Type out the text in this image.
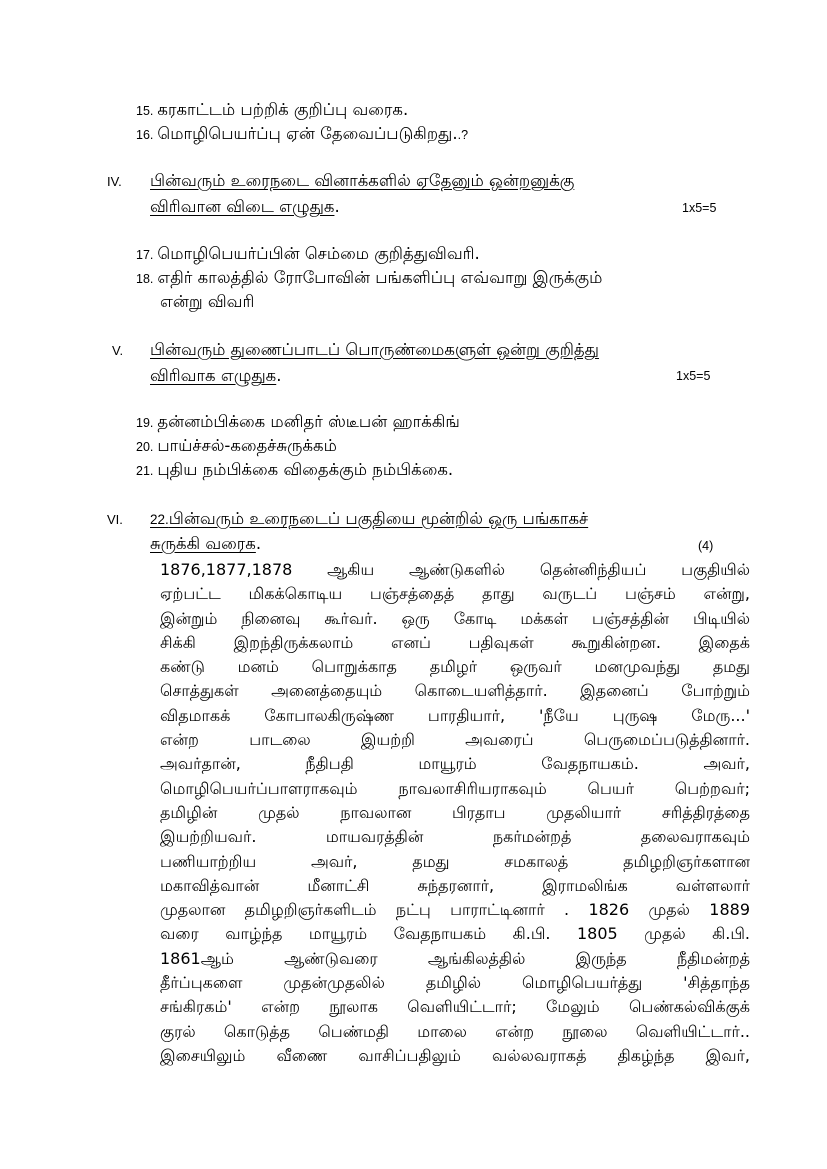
15. கரகாட்டம் பற்றிக் குறிப்பு வரைக.
16. மொழிபெயர்ப்பு ஏன் தேவைப்படுகிறது..?
IV. பின்வரும் உரைநடை வினாக்களில் ஏதேனும் ஒன்றனுக்கு
விரிவான விடை எழுதுக.	1x5=5
17. மொழிபெயர்ப்பின் செம்மை குறித்துவிவரி.
18. எதிர் காலத்தில் ரோபோவின் பங்களிப்பு எவ்வாறு இருக்கும்
என்று விவரி
V. பின்வரும் துணைப்பாடப் பொருண்மைகளுள் ஒன்று குறித்து
விரிவாக எழுதுக.	1x5=5
19. தன்னம்பிக்கை மனிதர் ஸ்டீபன் ஹாக்கிங்
20. பாய்ச்சல்-கதைச்சுருக்கம்
21. புதிய நம்பிக்கை விதைக்கும் நம்பிக்கை.
VI. 22.பின்வரும் உரைநடைப் பகுதியை மூன்றில் ஒரு பங்காகச்
சுருக்கி வரைக.	(4)
1876,1877,1878 ஆகிய ஆண்டுகளில் தென்னிந்தியப் பகுதியில்
ஏற்பட்ட மிகக்கொடிய பஞ்சத்தைத் தாது வருடப் பஞ்சம் என்று,
இன்றும் நினைவு கூர்வர். ஒரு கோடி மக்கள் பஞ்சத்தின் பிடியில்
சிக்கி இறந்திருக்கலாம் எனப் பதிவுகள் கூறுகின்றன. இதைக்
கண்டு மனம் பொறுக்காத தமிழர் ஒருவர் மனமுவந்து தமது
சொத்துகள் அனைத்தையும் கொடையளித்தார். இதனைப் போற்றும்
விதமாகக் கோபாலகிருஷ்ண பாரதியார், 'நீயே புருஷ மேரு...'
என்ற பாடலை இயற்றி அவரைப் பெருமைப்படுத்தினார்.
அவர்தான், நீதிபதி மாயூரம் வேதநாயகம். அவர்,
மொழிபெயர்ப்பாளராகவும் நாவலாசிரியராகவும் பெயர் பெற்றவர்;
தமிழின் முதல் நாவலான பிரதாப முதலியார் சரித்திரத்தை
இயற்றியவர். மாயவரத்தின் நகர்மன்றத் தலைவராகவும்
பணியாற்றிய அவர், தமது சமகாலத் தமிழறிஞர்களான
மகாவித்வான் மீனாட்சி சுந்தரனார், இராமலிங்க வள்ளலார்
முதலான தமிழறிஞர்களிடம் நட்பு பாராட்டினார் . 1826 முதல் 1889
வரை வாழ்ந்த மாயூரம் வேதநாயகம் கி.பி. 1805 முதல் கி.பி.
1861ஆம் ஆண்டுவரை ஆங்கிலத்தில் இருந்த நீதிமன்றத்
தீர்ப்புகளை முதன்முதலில் தமிழில் மொழிபெயர்த்து 'சித்தாந்த
சங்கிரகம்' என்ற நூலாக வெளியிட்டார்; மேலும் பெண்கல்விக்குக்
குரல் கொடுத்த பெண்மதி மாலை என்ற நூலை வெளியிட்டார்..
இசையிலும் வீணை வாசிப்பதிலும் வல்லவராகத் திகழ்ந்த இவர்,
